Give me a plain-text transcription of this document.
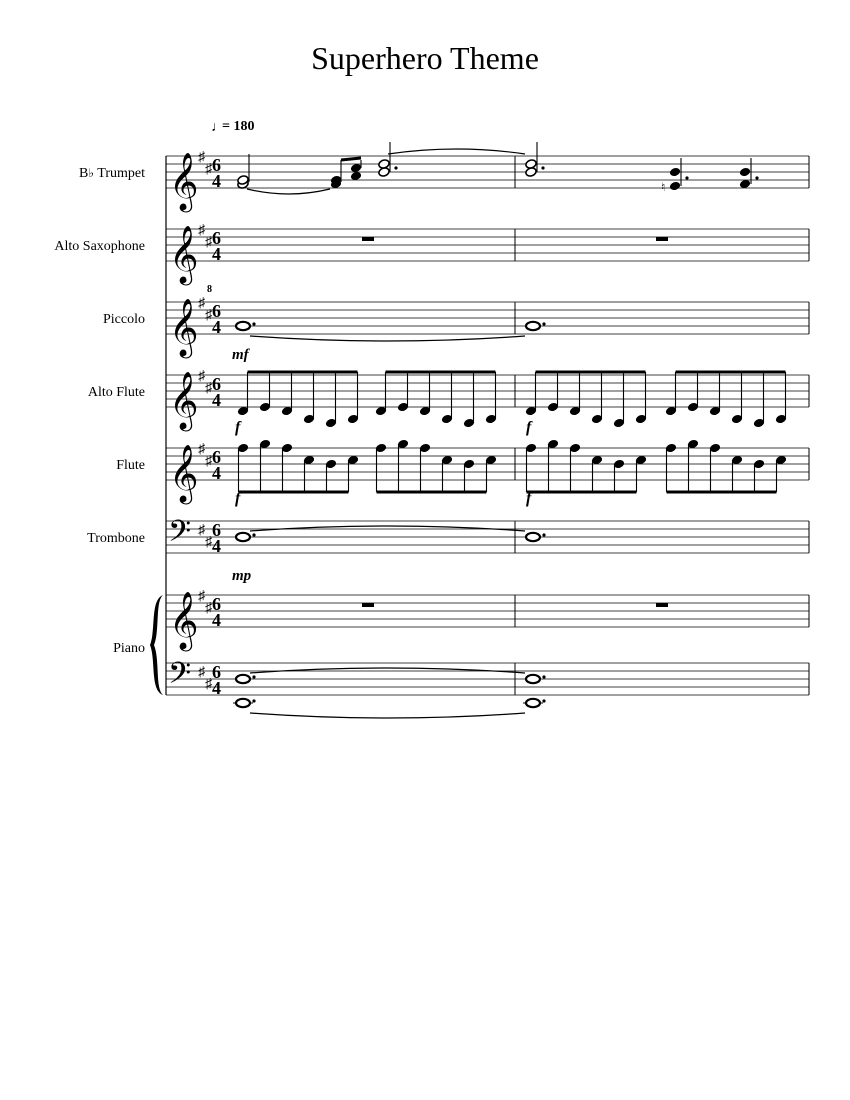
Superhero Theme
♩
= 180
B♭ Trumpet
Alto Saxophone
Piccolo
Alto Flute
Flute
Trombone
Piano
𝄞 ♯
♯ 6
4
𝄞 ♯
♯ 6
4
𝄞 ♯
♯ 6
4
𝄞 ♯
♯ 6
4
𝄞 ♯
♯ 6
4
𝄢 ♯
♯
6
4
𝄞 ♯
♯ 6
4
𝄢 ♯
♯
6
4
♮
mf
f	f
f	f
mp
8
